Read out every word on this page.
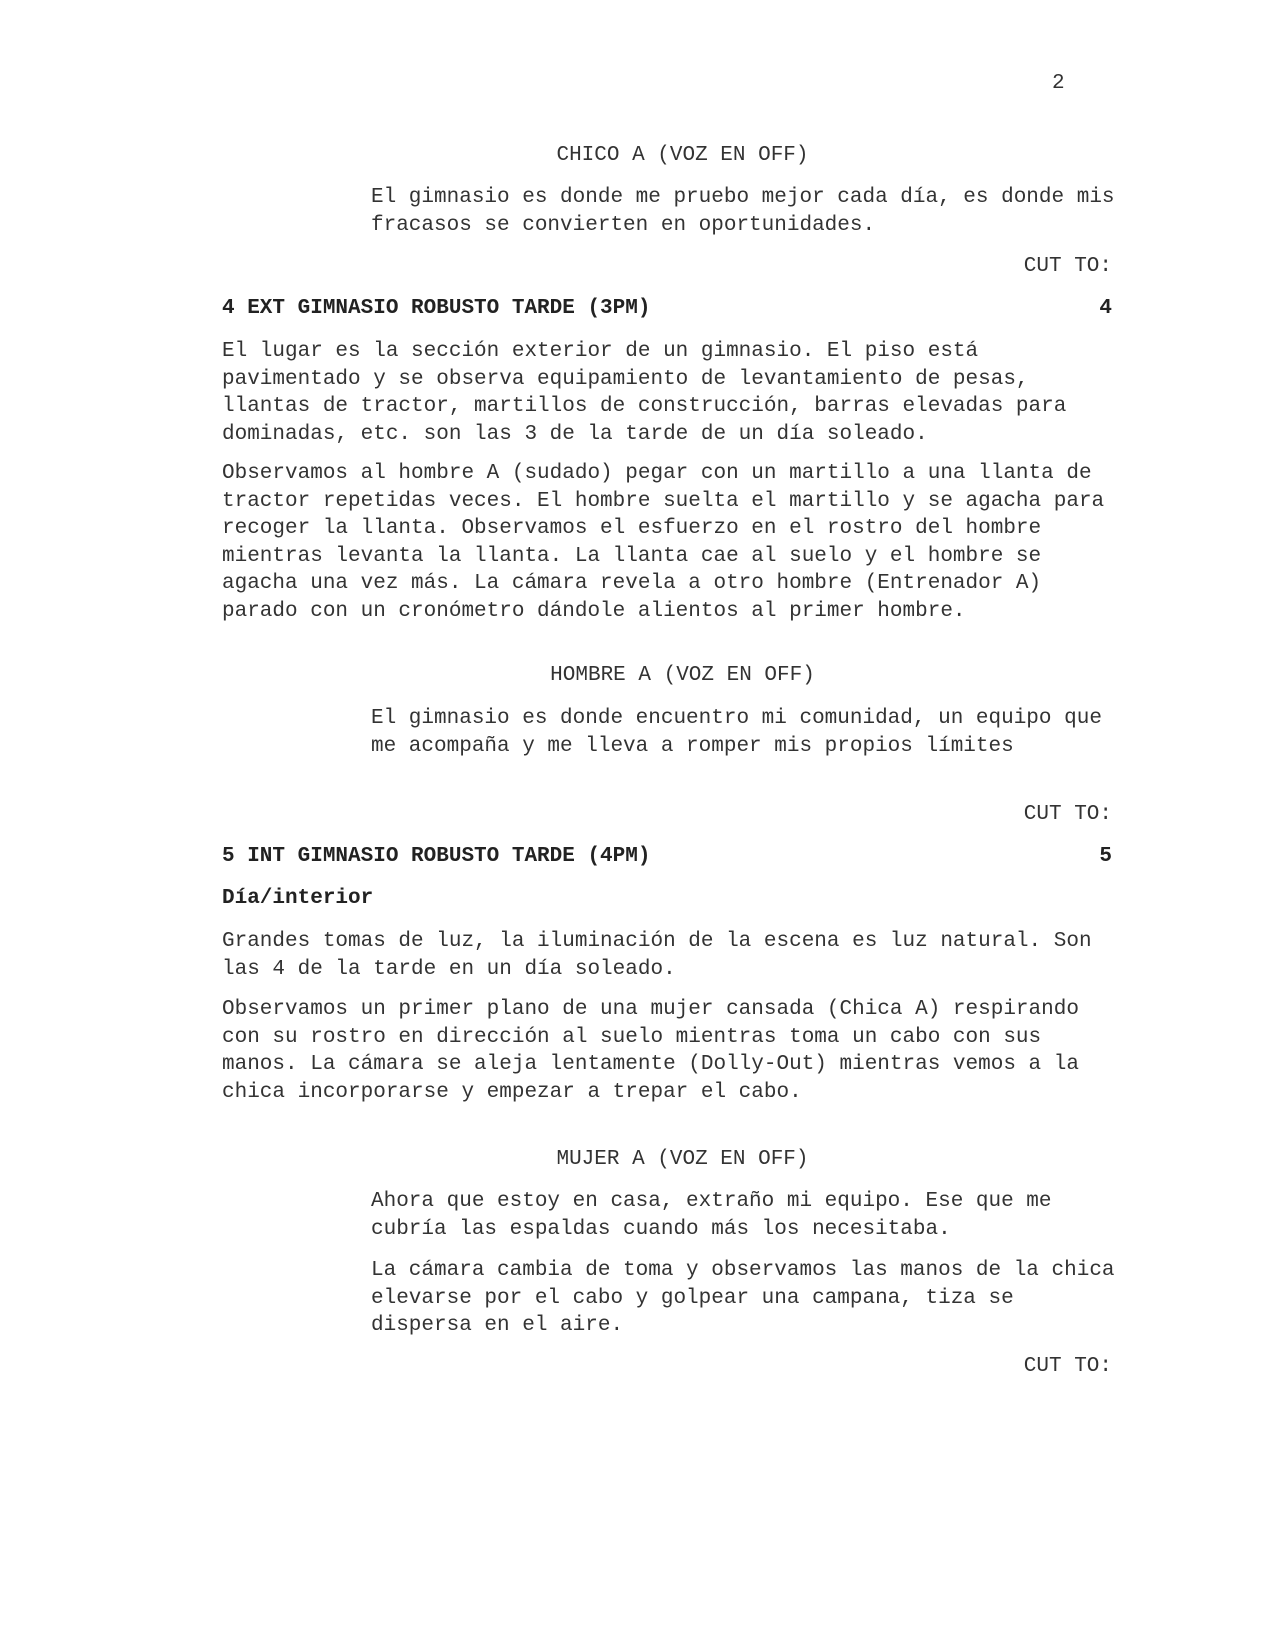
2
CHICO A (VOZ EN OFF)
El gimnasio es donde me pruebo mejor cada día, es donde mis fracasos se convierten en oportunidades.
CUT TO:
4 EXT GIMNASIO ROBUSTO TARDE (3PM)	4
El lugar es la sección exterior de un gimnasio. El piso está pavimentado y se observa equipamiento de levantamiento de pesas, llantas de tractor, martillos de construcción, barras elevadas para dominadas, etc. son las 3 de la tarde de un día soleado.
Observamos al hombre A (sudado) pegar con un martillo a una llanta de tractor repetidas veces. El hombre suelta el martillo y se agacha para recoger la llanta. Observamos el esfuerzo en el rostro del hombre mientras levanta la llanta. La llanta cae al suelo y el hombre se agacha una vez más. La cámara revela a otro hombre (Entrenador A) parado con un cronómetro dándole alientos al primer hombre.
HOMBRE A (VOZ EN OFF)
El gimnasio es donde encuentro mi comunidad, un equipo que me acompaña y me lleva a romper mis propios límites
CUT TO:
5 INT GIMNASIO ROBUSTO TARDE (4PM)	5
Día/interior
Grandes tomas de luz, la iluminación de la escena es luz natural. Son las 4 de la tarde en un día soleado.
Observamos un primer plano de una mujer cansada (Chica A) respirando con su rostro en dirección al suelo mientras toma un cabo con sus manos. La cámara se aleja lentamente (Dolly-Out) mientras vemos a la chica incorporarse y empezar a trepar el cabo.
MUJER A (VOZ EN OFF)
Ahora que estoy en casa, extraño mi equipo. Ese que me cubría las espaldas cuando más los necesitaba.
La cámara cambia de toma y observamos las manos de la chica elevarse por el cabo y golpear una campana, tiza se dispersa en el aire.
CUT TO:
